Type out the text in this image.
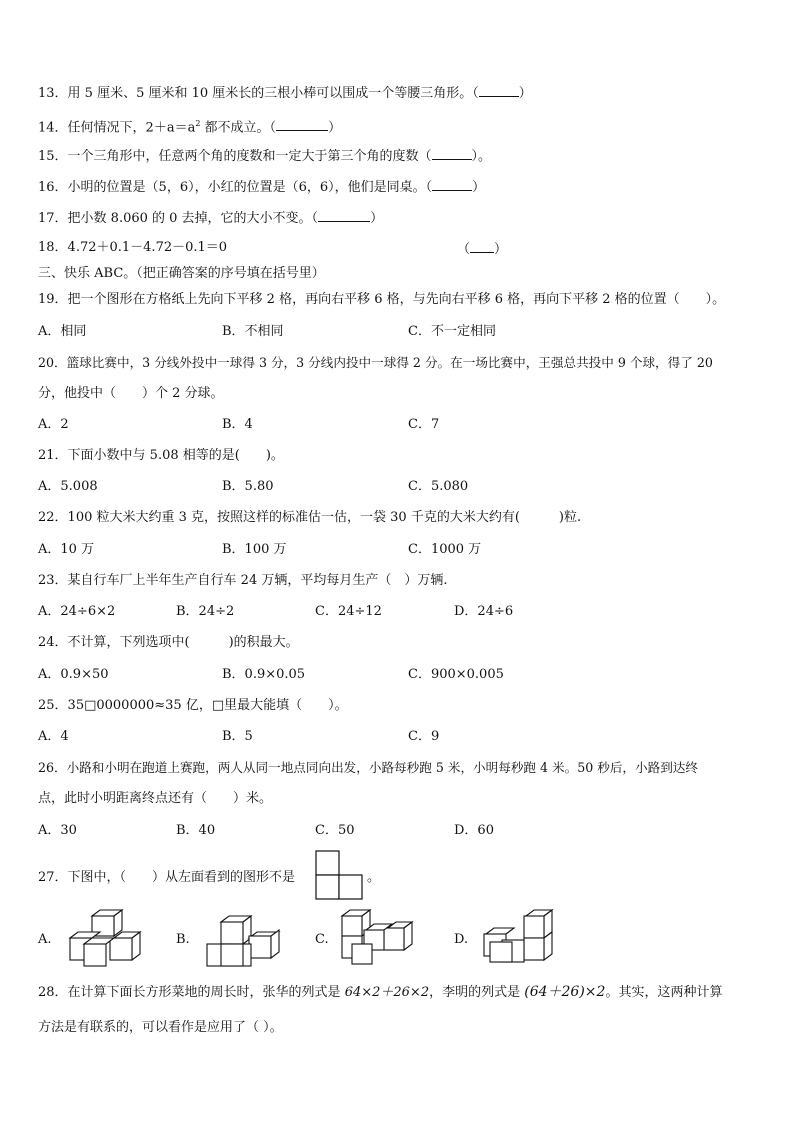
13．用 5 厘米、5 厘米和 10 厘米长的三根小棒可以围成一个等腰三角形。（	）
14．任何情况下，$2+a=a^2$ 都不成立。（	）
15．一个三角形中，任意两个角的度数和一定大于第三个角的度数（	）。
16．小明的位置是（5，6），小红的位置是（6，6），他们是同桌。（	）
17．把小数 8.060 的 0 去掉，它的大小不变。（	）
18．4.72＋0.1－4.72－0.1＝0	（ ）
三、快乐 ABC。（把正确答案的序号填在括号里）
19．把一个图形在方格纸上先向下平移 2 格，再向右平移 6 格，与先向右平移 6 格，再向下平移 2 格的位置（　　）。
A．相同	B．不相同	C．不一定相同
20．篮球比赛中，3 分线外投中一球得 3 分，3 分线内投中一球得 2 分。在一场比赛中，王强总共投中 9 个球，得了 20
分，他投中（　　）个 2 分球。
A．2	B．4	C．7
21．下面小数中与 5.08 相等的是(　　)。
A．5.008	B．5.80	C．5.080
22．100 粒大米大约重 3 克，按照这样的标准估一估，一袋 30 千克的大米大约有(　　　)粒.
A．10 万	B．100 万	C．1000 万
23．某自行车厂上半年生产自行车 24 万辆，平均每月生产（　）万辆.
A．24÷6×2	B．24÷2	C．24÷12	D．24÷6
24．不计算，下列选项中(　　　)的积最大。
A．0.9×50	B．0.9×0.05	C．900×0.005
25．35□0000000≈35 亿，□里最大能填（　　）。
A．4	B．5	C．9
26．小路和小明在跑道上赛跑，两人从同一地点同向出发，小路每秒跑 5 米，小明每秒跑 4 米。50 秒后，小路到达终
点，此时小明距离终点还有（　　）米。
A．30	B．40	C．50	D．60
27．下图中，（　　）从左面看到的图形不是	。
A.	B.	C.	D.
28．在计算下面长方形菜地的周长时，张华的列式是 64×2＋26×2，李明的列式是 (64＋26)×2。其实，这两种计算
方法是有联系的，可以看作是应用了（ ）。
